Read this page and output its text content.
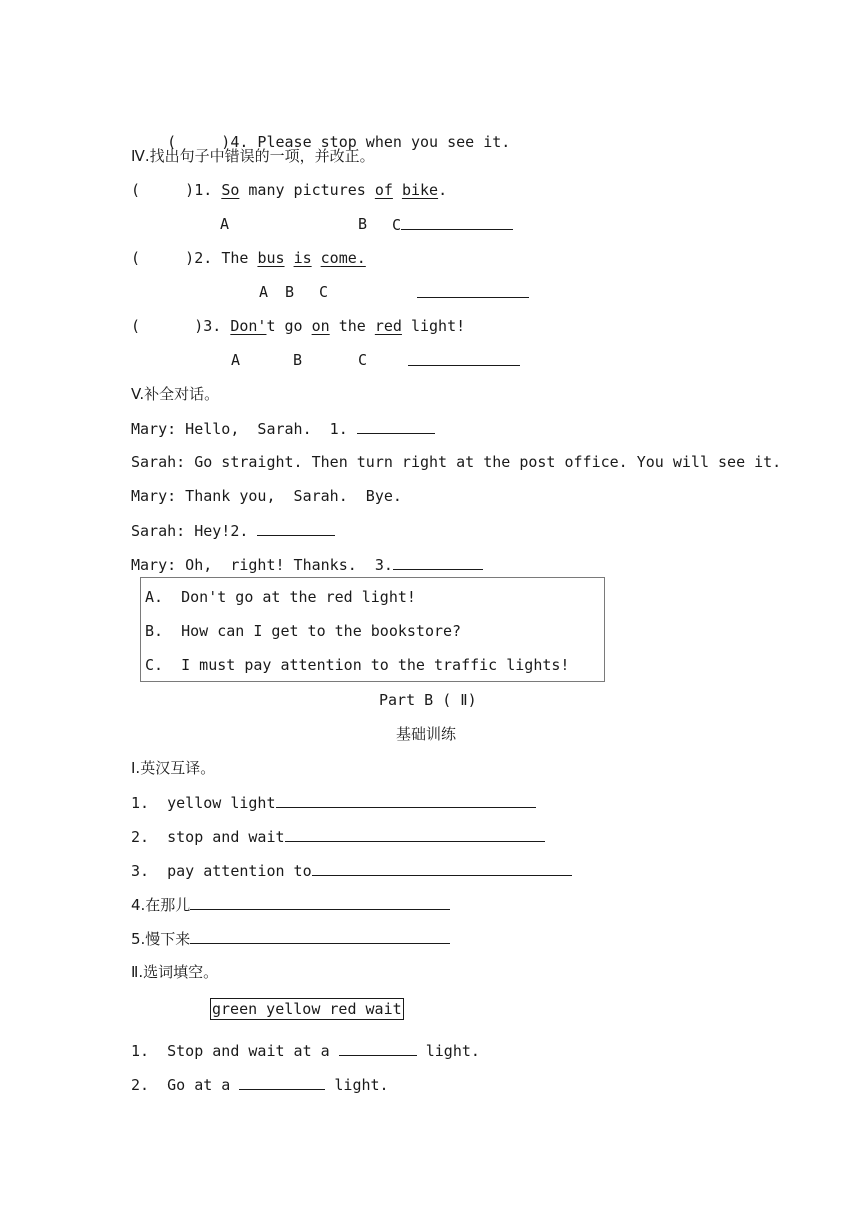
(     )4. Please stop when you see it.

Ⅳ.找出句子中错误的一项，并改正。
(     )1. So many pictures of bike.
A	B C
(     )2. The bus is come.
A B C
(      )3. Don't go on the red light!
A	B	C
V.补全对话。
Mary: Hello,  Sarah.  1.
Sarah: Go straight. Then turn right at the post office. You will see it.
Mary: Thank you,  Sarah.  Bye.
Sarah: Hey!2.
Mary: Oh,  right! Thanks.  3.
A.  Don't go at the red light!
B.  How can I get to the bookstore?
C.  I must pay attention to the traffic lights!
Part B ( Ⅱ)
基础训练
Ⅰ.英汉互译。
1.  yellow light
2.  stop and wait
3.  pay attention to
4.在那儿
5.慢下来
Ⅱ.选词填空。
green yellow red wait
1.  Stop and wait at a	light.
2.  Go at a	light.
